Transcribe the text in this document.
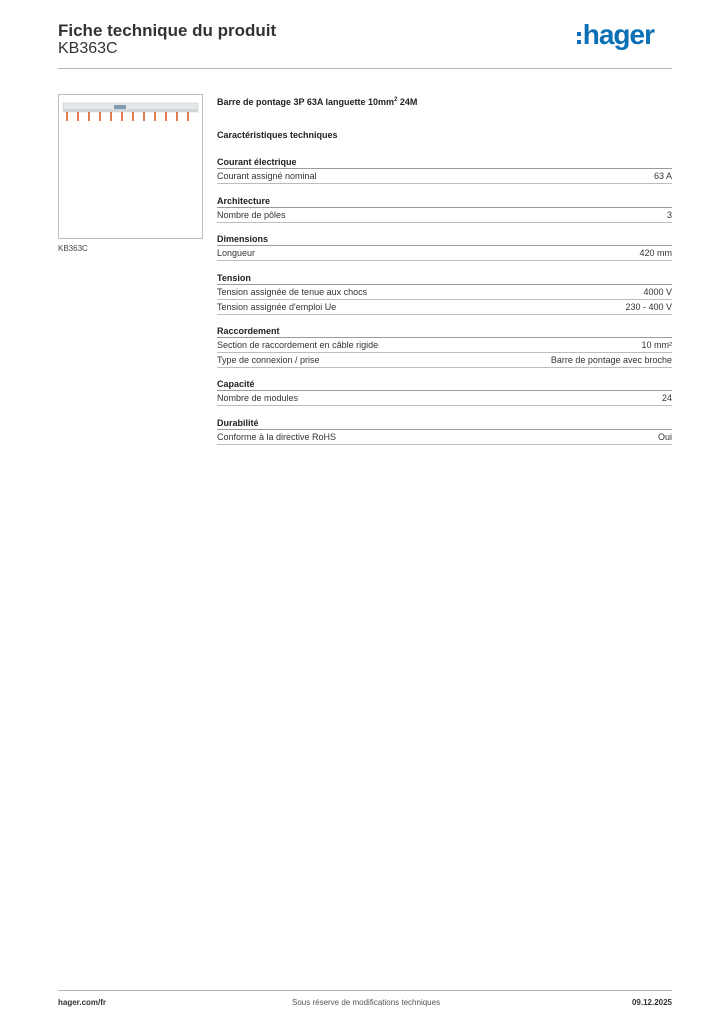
Fiche technique du produit
KB363C	hager
KB363C
Barre de pontage 3P 63A languette $10mm^2$ 24M
Caractéristiques techniques
Courant électrique
Courant assigné nominal	63 A
Architecture
Nombre de pôles	3
Dimensions
Longueur	420 mm
Tension
Tension assignée de tenue aux chocs	4000 V
Tension assignée d'emploi Ue	230 - 400 V
Raccordement
Section de raccordement en câble rigide	10 mm²
Type de connexion / prise	Barre de pontage avec broche
Capacité
Nombre de modules	24
Durabilité
Conforme à la directive RoHS	Oui
hager.com/fr	Sous réserve de modifications techniques	09.12.2025
